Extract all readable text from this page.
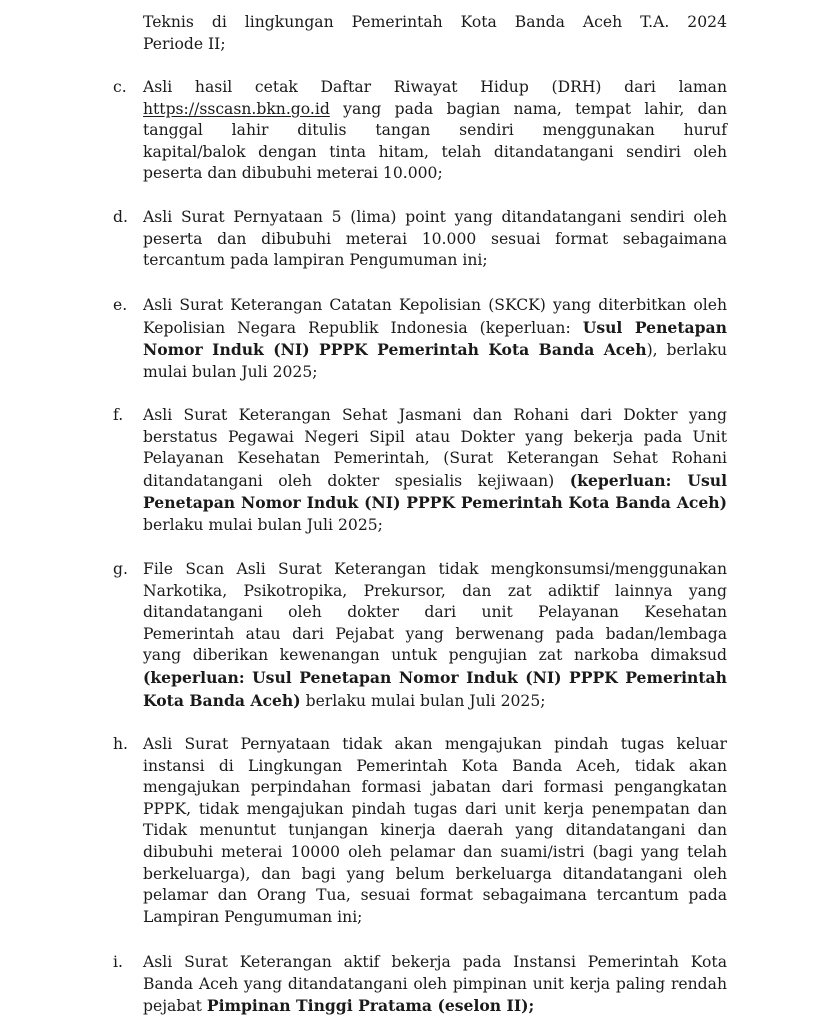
Teknis di lingkungan Pemerintah Kota Banda Aceh T.A. 2024
Periode II;
c.	Asli hasil cetak Daftar Riwayat Hidup (DRH) dari laman
https://sscasn.bkn.go.id yang pada bagian nama, tempat lahir, dan
tanggal lahir ditulis tangan sendiri menggunakan huruf
kapital/balok dengan tinta hitam, telah ditandatangani sendiri oleh
peserta dan dibubuhi meterai 10.000;
d. Asli Surat Pernyataan 5 (lima) point yang ditandatangani sendiri oleh
peserta dan dibubuhi meterai 10.000 sesuai format sebagaimana
tercantum pada lampiran Pengumuman ini;
e.	Asli Surat Keterangan Catatan Kepolisian (SKCK) yang diterbitkan oleh
Kepolisian Negara Republik Indonesia (keperluan: Usul Penetapan
Nomor Induk (NI) PPPK Pemerintah Kota Banda Aceh), berlaku
mulai bulan Juli 2025;
f.	Asli Surat Keterangan Sehat Jasmani dan Rohani dari Dokter yang
berstatus Pegawai Negeri Sipil atau Dokter yang bekerja pada Unit
Pelayanan Kesehatan Pemerintah, (Surat Keterangan Sehat Rohani
ditandatangani oleh dokter spesialis kejiwaan) (keperluan: Usul
Penetapan Nomor Induk (NI) PPPK Pemerintah Kota Banda Aceh)
berlaku mulai bulan Juli 2025;
g. File Scan Asli Surat Keterangan tidak mengkonsumsi/menggunakan
Narkotika, Psikotropika, Prekursor, dan zat adiktif lainnya yang
ditandatangani oleh dokter dari unit Pelayanan Kesehatan
Pemerintah atau dari Pejabat yang berwenang pada badan/lembaga
yang diberikan kewenangan untuk pengujian zat narkoba dimaksud
(keperluan: Usul Penetapan Nomor Induk (NI) PPPK Pemerintah
Kota Banda Aceh) berlaku mulai bulan Juli 2025;
h. Asli Surat Pernyataan tidak akan mengajukan pindah tugas keluar
instansi di Lingkungan Pemerintah Kota Banda Aceh, tidak akan
mengajukan perpindahan formasi jabatan dari formasi pengangkatan
PPPK, tidak mengajukan pindah tugas dari unit kerja penempatan dan
Tidak menuntut tunjangan kinerja daerah yang ditandatangani dan
dibubuhi meterai 10000 oleh pelamar dan suami/istri (bagi yang telah
berkeluarga), dan bagi yang belum berkeluarga ditandatangani oleh
pelamar dan Orang Tua, sesuai format sebagaimana tercantum pada
Lampiran Pengumuman ini;
i.	Asli Surat Keterangan aktif bekerja pada Instansi Pemerintah Kota
Banda Aceh yang ditandatangani oleh pimpinan unit kerja paling rendah
pejabat Pimpinan Tinggi Pratama (eselon II);
